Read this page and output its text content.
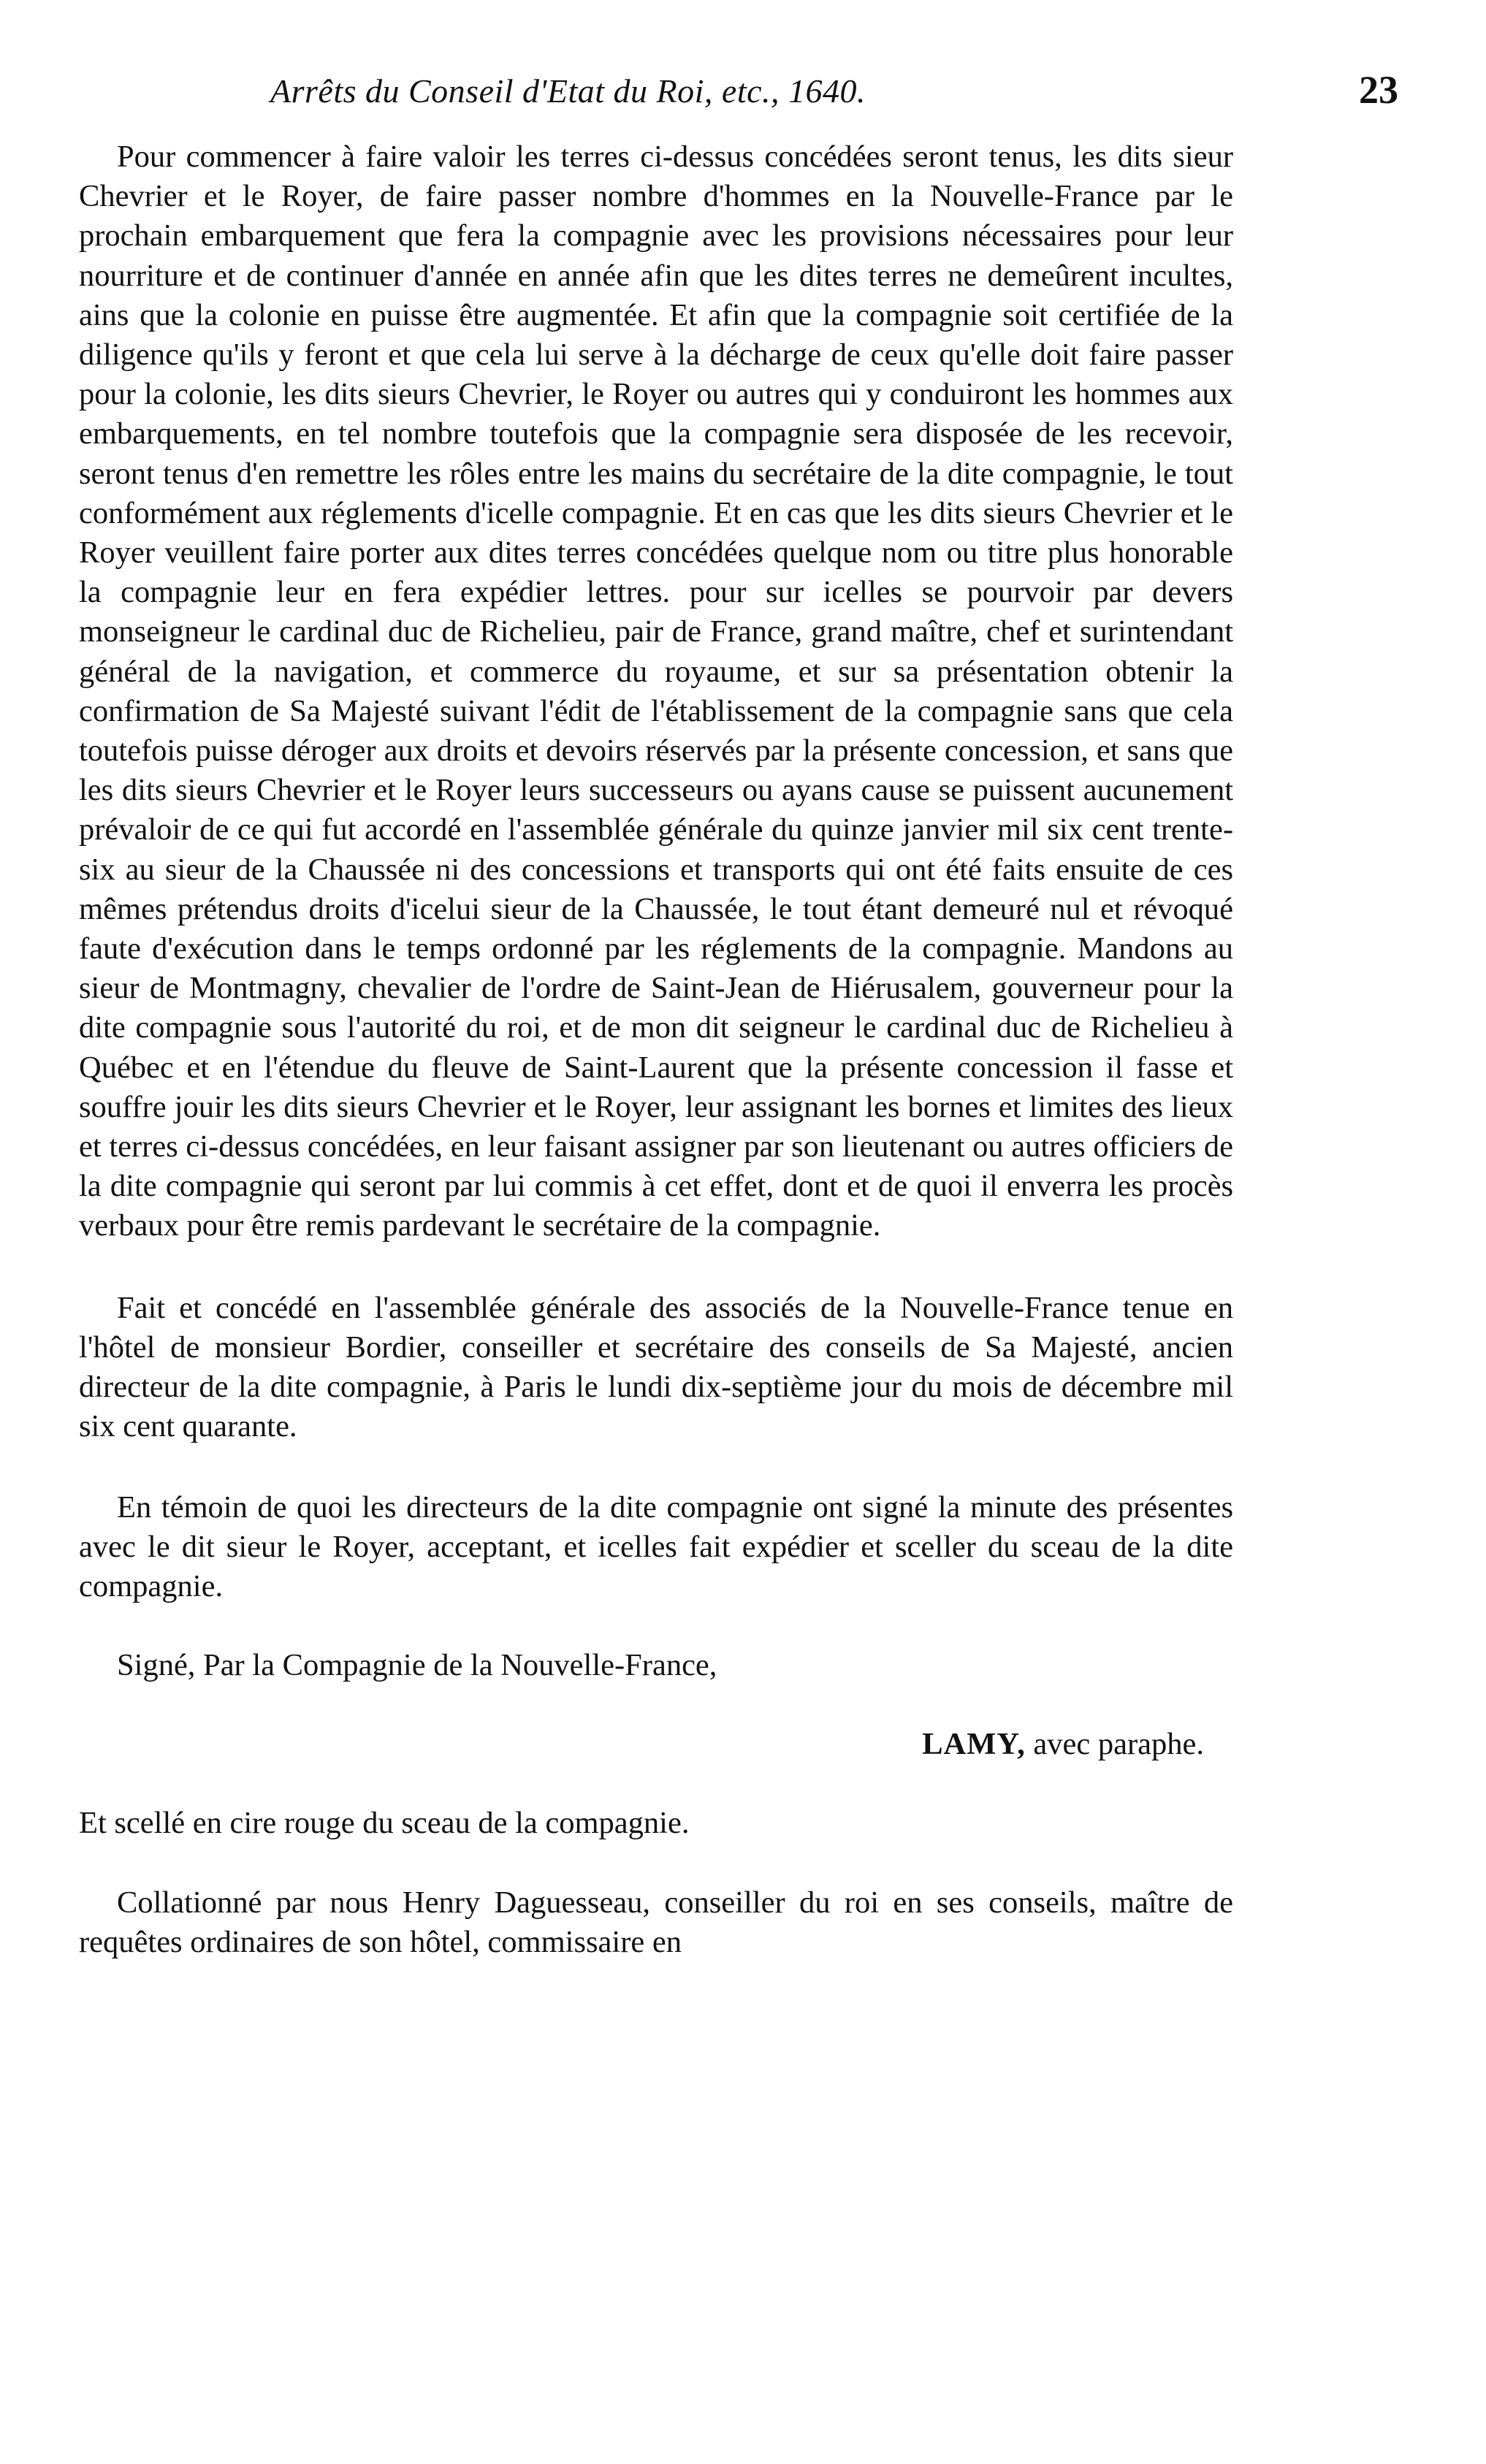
Arrêts du Conseil d'Etat du Roi, etc., 1640.	23

Pour commencer à faire valoir les terres ci-dessus concédées seront tenus, les dits sieur Chevrier et le Royer, de faire passer nombre d'hommes en la Nouvelle-France par le prochain embarquement que fera la compagnie avec les provisions nécessaires pour leur nourriture et de continuer d'année en année afin que les dites terres ne demeûrent incultes, ains que la colonie en puisse être augmentée. Et afin que la compagnie soit certifiée de la diligence qu'ils y feront et que cela lui serve à la décharge de ceux qu'elle doit faire passer pour la colonie, les dits sieurs Chevrier, le Royer ou autres qui y conduiront les hommes aux embarquements, en tel nombre toutefois que la compagnie sera disposée de les recevoir, seront tenus d'en remettre les rôles entre les mains du secrétaire de la dite compagnie, le tout conformément aux réglements d'icelle compagnie. Et en cas que les dits sieurs Chevrier et le Royer veuillent faire porter aux dites terres concédées quelque nom ou titre plus honorable la compagnie leur en fera expédier lettres. pour sur icelles se pourvoir par devers monseigneur le cardinal duc de Richelieu, pair de France, grand maître, chef et surintendant général de la navigation, et commerce du royaume, et sur sa présentation obtenir la confirmation de Sa Majesté suivant l'édit de l'établissement de la compagnie sans que cela toutefois puisse déroger aux droits et devoirs réservés par la présente concession, et sans que les dits sieurs Chevrier et le Royer leurs successeurs ou ayans cause se puissent aucunement prévaloir de ce qui fut accordé en l'assemblée générale du quinze janvier mil six cent trente-six au sieur de la Chaussée ni des concessions et transports qui ont été faits ensuite de ces mêmes prétendus droits d'icelui sieur de la Chaussée, le tout étant demeuré nul et révoqué faute d'exécution dans le temps ordonné par les réglements de la compagnie. Mandons au sieur de Montmagny, chevalier de l'ordre de Saint-Jean de Hiérusalem, gouverneur pour la dite compagnie sous l'autorité du roi, et de mon dit seigneur le cardinal duc de Richelieu à Québec et en l'étendue du fleuve de Saint-Laurent que la présente concession il fasse et souffre jouir les dits sieurs Chevrier et le Royer, leur assignant les bornes et limites des lieux et terres ci-dessus concédées, en leur faisant assigner par son lieutenant ou autres officiers de la dite compagnie qui seront par lui commis à cet effet, dont et de quoi il enverra les procès verbaux pour être remis pardevant le secrétaire de la compagnie.

Fait et concédé en l'assemblée générale des associés de la Nouvelle-France tenue en l'hôtel de monsieur Bordier, conseiller et secrétaire des conseils de Sa Majesté, ancien directeur de la dite compagnie, à Paris le lundi dix-septième jour du mois de décembre mil six cent quarante.

En témoin de quoi les directeurs de la dite compagnie ont signé la minute des présentes avec le dit sieur le Royer, acceptant, et icelles fait expédier et sceller du sceau de la dite compagnie.

Signé, Par la Compagnie de la Nouvelle-France,

LAMY, avec paraphe.

Et scellé en cire rouge du sceau de la compagnie.

Collationné par nous Henry Daguesseau, conseiller du roi en ses conseils, maître de requêtes ordinaires de son hôtel, commissaire en
